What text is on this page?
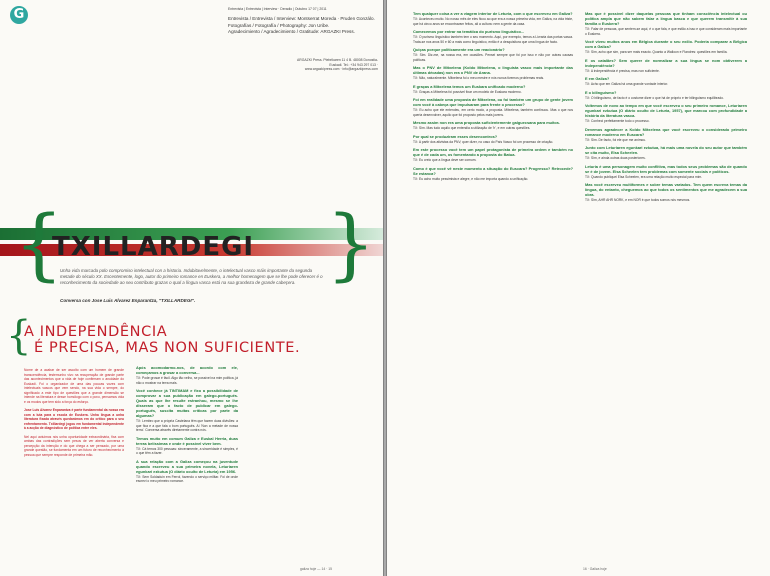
G	Entrevista | Entrevista | Interview · Deradio | Outubro 17 07 | 2011
Entrevista / Entrevista / Interview: Montserrat Moreda · Pruden Gonzálo.
Fotografías / Fotografía / Photography: Jon Uribe.
Agradecimiento / Agradecimiento / Gratitude: ARGAZKI Press.
ARGAZKI Press. Ptebrikaren 11 4 B. 48008 Donostia-Euskadi. Tel.: +34 943 297 013 · www.argazkipress.com · info@argazkipress.com
{
TXILLARDEGI }
Unha vida marcada polo compromiso intelectual con a historia. Indubitavelmente, o intelectual vasco máis importante da segunda metade do século XX. Escentemente, logo, autor do primeiro romance en Euskera, a melhor homenagem que se lhe pode oferecer é o reconhecimento da sociedade ao seu contributo grazas o qual a língua vasca está na sua grandeza de grande cabeçera.
Conversa con Jose Luis Alvarez Enparantza, "TXILLARDEGI".
{
A INDEPENDÊNCIA
É PRECISA, MAS NON SUFICIENTE.
Nome de a acabar de ser ascolto com um homem de grande transcendência, testemunho vivo na recuperação de grande parte das acontecimentos que a vida de hoje confirmam o anuidade do Euskadi. Foi o organizador de uma das poucas vozes com intelectuais vascos que vem sendo, na sua vida o sempre, do significado a este tipo de questões que a grande dimensão se intende na literatura e desse homólogo com o povo, pensamos vida e os modos que tem sido a força do esforço.
Jose Luis Alvarez Enparantza é parte fundamental da nossa era com a luta para a escola de Euskera. Unha lingua a unha literatura fixada através quedarámos em do critico para o seu enfrentamento. Txillardegi jogou em fundamental independente à a acção de diagnóstico de política entre eles.
Nel aquí actuimos nós unha oportunidade extraordinária, fixa com ambas das contradições sem pesos de ver aberta conversa e percepção da intenção e do que chega a ser pensado, por uma grande questão, se fundamenta em um futuro de reconhecimento à pessoa que sempre responde de primeira mão.
Após acomodarmo-nos, de acordo com ele, começamos a grosar a conversa...
TX: Pode grosar é fácil. Algo tão velho, se possível na mim política, já não o mostrar na terra mais.
Você conhece já TINTIMAM e fixo a possibilidade de comprovar a sua publicação em galego-português. Quais as que lhe resulte estranhou, mesmo se lhe disseram que o facto de publicar em galego-português, suscita muitas críticas por parte da algumas?
TX: Lembro que a própria Castelana têm que fazem duas divisões: a que fica e a que fala o bom português. Aí 'Non a metade de nossa terra'. Conversa atravês diretamente contra nós.
Temos muito em comum Galiza e Euskal Herria, duas terras belíssimas e onde é possível viver bem.
TX: Cá temos 300 pessoas: sinceramente, a sinceridade é simples, é o que têm a fazer.
A sua relação com a Galiza começou na juventude quando escreveu a sua primeira novela, Leturiaren egunkari ezkutua (O diário oculto de Leturia) em 1956.
TX: Sem Soldaduin em Ferrol, fazendo o serviço militar. Foi de onde escrevi o meu primeiro romance.
galiza hoje — 14 · 15
Tem qualquer coisa a ver a viagem interior de Leturia, com o que escreveu em Galiza?
TX: Aconteceu muito. No nosso mês de eles ficou ao que era a nossa primeira vida, em Galiza, na vida triste, que há cinco anos se encontravam feitos, ali a cultura: nem a gente da casa.
Comecemos por entrar na temática do purismo linguístico...
TX: O purismo linguístico também tem o seu momento. Aqui, por exemplo, temos a Livraria das portas vasca. Trata-se nos anos 50 e 60 a mais como linguístico, então é a desquisitura que uma língua de facto.
Quiças porque politicamente era um reacionário?
TX: Sim. Diz-me, na nossa era, em ocasiões. Pensei sempre que foi por isso e não por outras causas políticas.
Mas o PNV de Mitxelena (Koldo Mitxelena, o linguista vasco mais importante das últimas décadas) non era o PNV de Arana.
TX: Não, naturalmente. Mitxelena foi o meu mestre e nós nunca tivemos problemas reais.
E graças a Mitxelena temos um Euskara unificado moderno?
TX: Graças a Mitxelena foi possível fixar um modelo de Euskara moderno.
Foi em realidade uma proposta de Mitxelena, ou foi também um grupo de gente jovem com você à cabeça que impulsaram para frente o processo?
TX: Eu acho que ele entendeu, em certo modo, a proposta. Mitxelena, também continuou. Mas o que nos queria desenvolver, aquilo que foi proposto pelos mais jovens.
Mesmo assim non era uma proposta suficientemente galguecsana para muitos.
TX: Sim. Mas tudo aquilo que entendia a utilização de 'h', e em outras questões.
Por qual se produziram esses desencontros?
TX: A partir dos ativistas da PNV, quer dizer, no caso do País Vasco foi um processo de criação.
Em este processo você tem um papel protagonista de primeira ordem e também no que é de cada um, os fomentando a proposta do Batua.
TX: Eu creio que a língua deve ser comum.
Como é que você vê neste momento a situação do Euscara? Progresso? Retrocede? Se estanca?
TX: Eu acho muito pessimista e alegre, e não me importa quando a unificação.
Mas que é possível dizer daquelas pessoas que tinham consciência intelectual ou política ampla que não sabem falar a língua basca e que querem transmitir à sua família o Euskera?
TX: Falar de pessoas, que sentem-se aqui, é o que fala, e que estão a isso e que consideram mais importante o Euskera.
Você viveu muitos anos em Bélgica durante o seu exílio. Poderia comparar a Bélgica com a Galiza?
TX: Sim, acho que sim, para ser mais exacto. Quanto a Walloon e Flandres: questões em família.
E os catalães? Sem querer de normalizar a sua língua se nom obtiverem a independência?
TX: A independência é precisa, mas non suficiente.
E em Galiza?
TX: Acho que em Galiza há uma grande vontade interior.
E o bilinguismo?
TX: O bilinguismo, de facto é o costume dizer o que há de próprio e ter bilinguismo equilibrado.
Voltemos de novo ao tempo em que você escreveu o seu primeiro romance, Leturiaren egunkari ezkutua (O diário oculto de Leturia, 1957), que marcou com profundidade a história da literatura vasca.
TX: Conheci perfeitamente todo o processo.
Devemos agradecer a Koldo Mitxelena que você escreveu o considerado primeiro romance moderno em Euscara?
TX: Sim. De facto, foi ele que me animou.
Junto com Leturiaren egunkari ezkutua, há mais uma novela do seu autor que também se cita muito, Elsa Scheelen.
TX: Sim, e ainda outras duas posteriores.
Leturia é uma personagem muito conflitiva, mas todos seus problemas são de quando se é de jovem. Elsa Scheelen tem problemas com somente sociais e políticos.
TX: Quando publiquei Elsa Scheelen, era uma relação muito especial para mim.
Mas você escreveu multiformes e sobre temas variados. Tem quem escreva temas da língua, do entanto, cheguemos ao que todos os sentimentos que me agradecem a sua obra.
TX: Sim, AHR AHR NORK, e em NOR é que todos somos nós mesmos.
16 · Galiza hoje
